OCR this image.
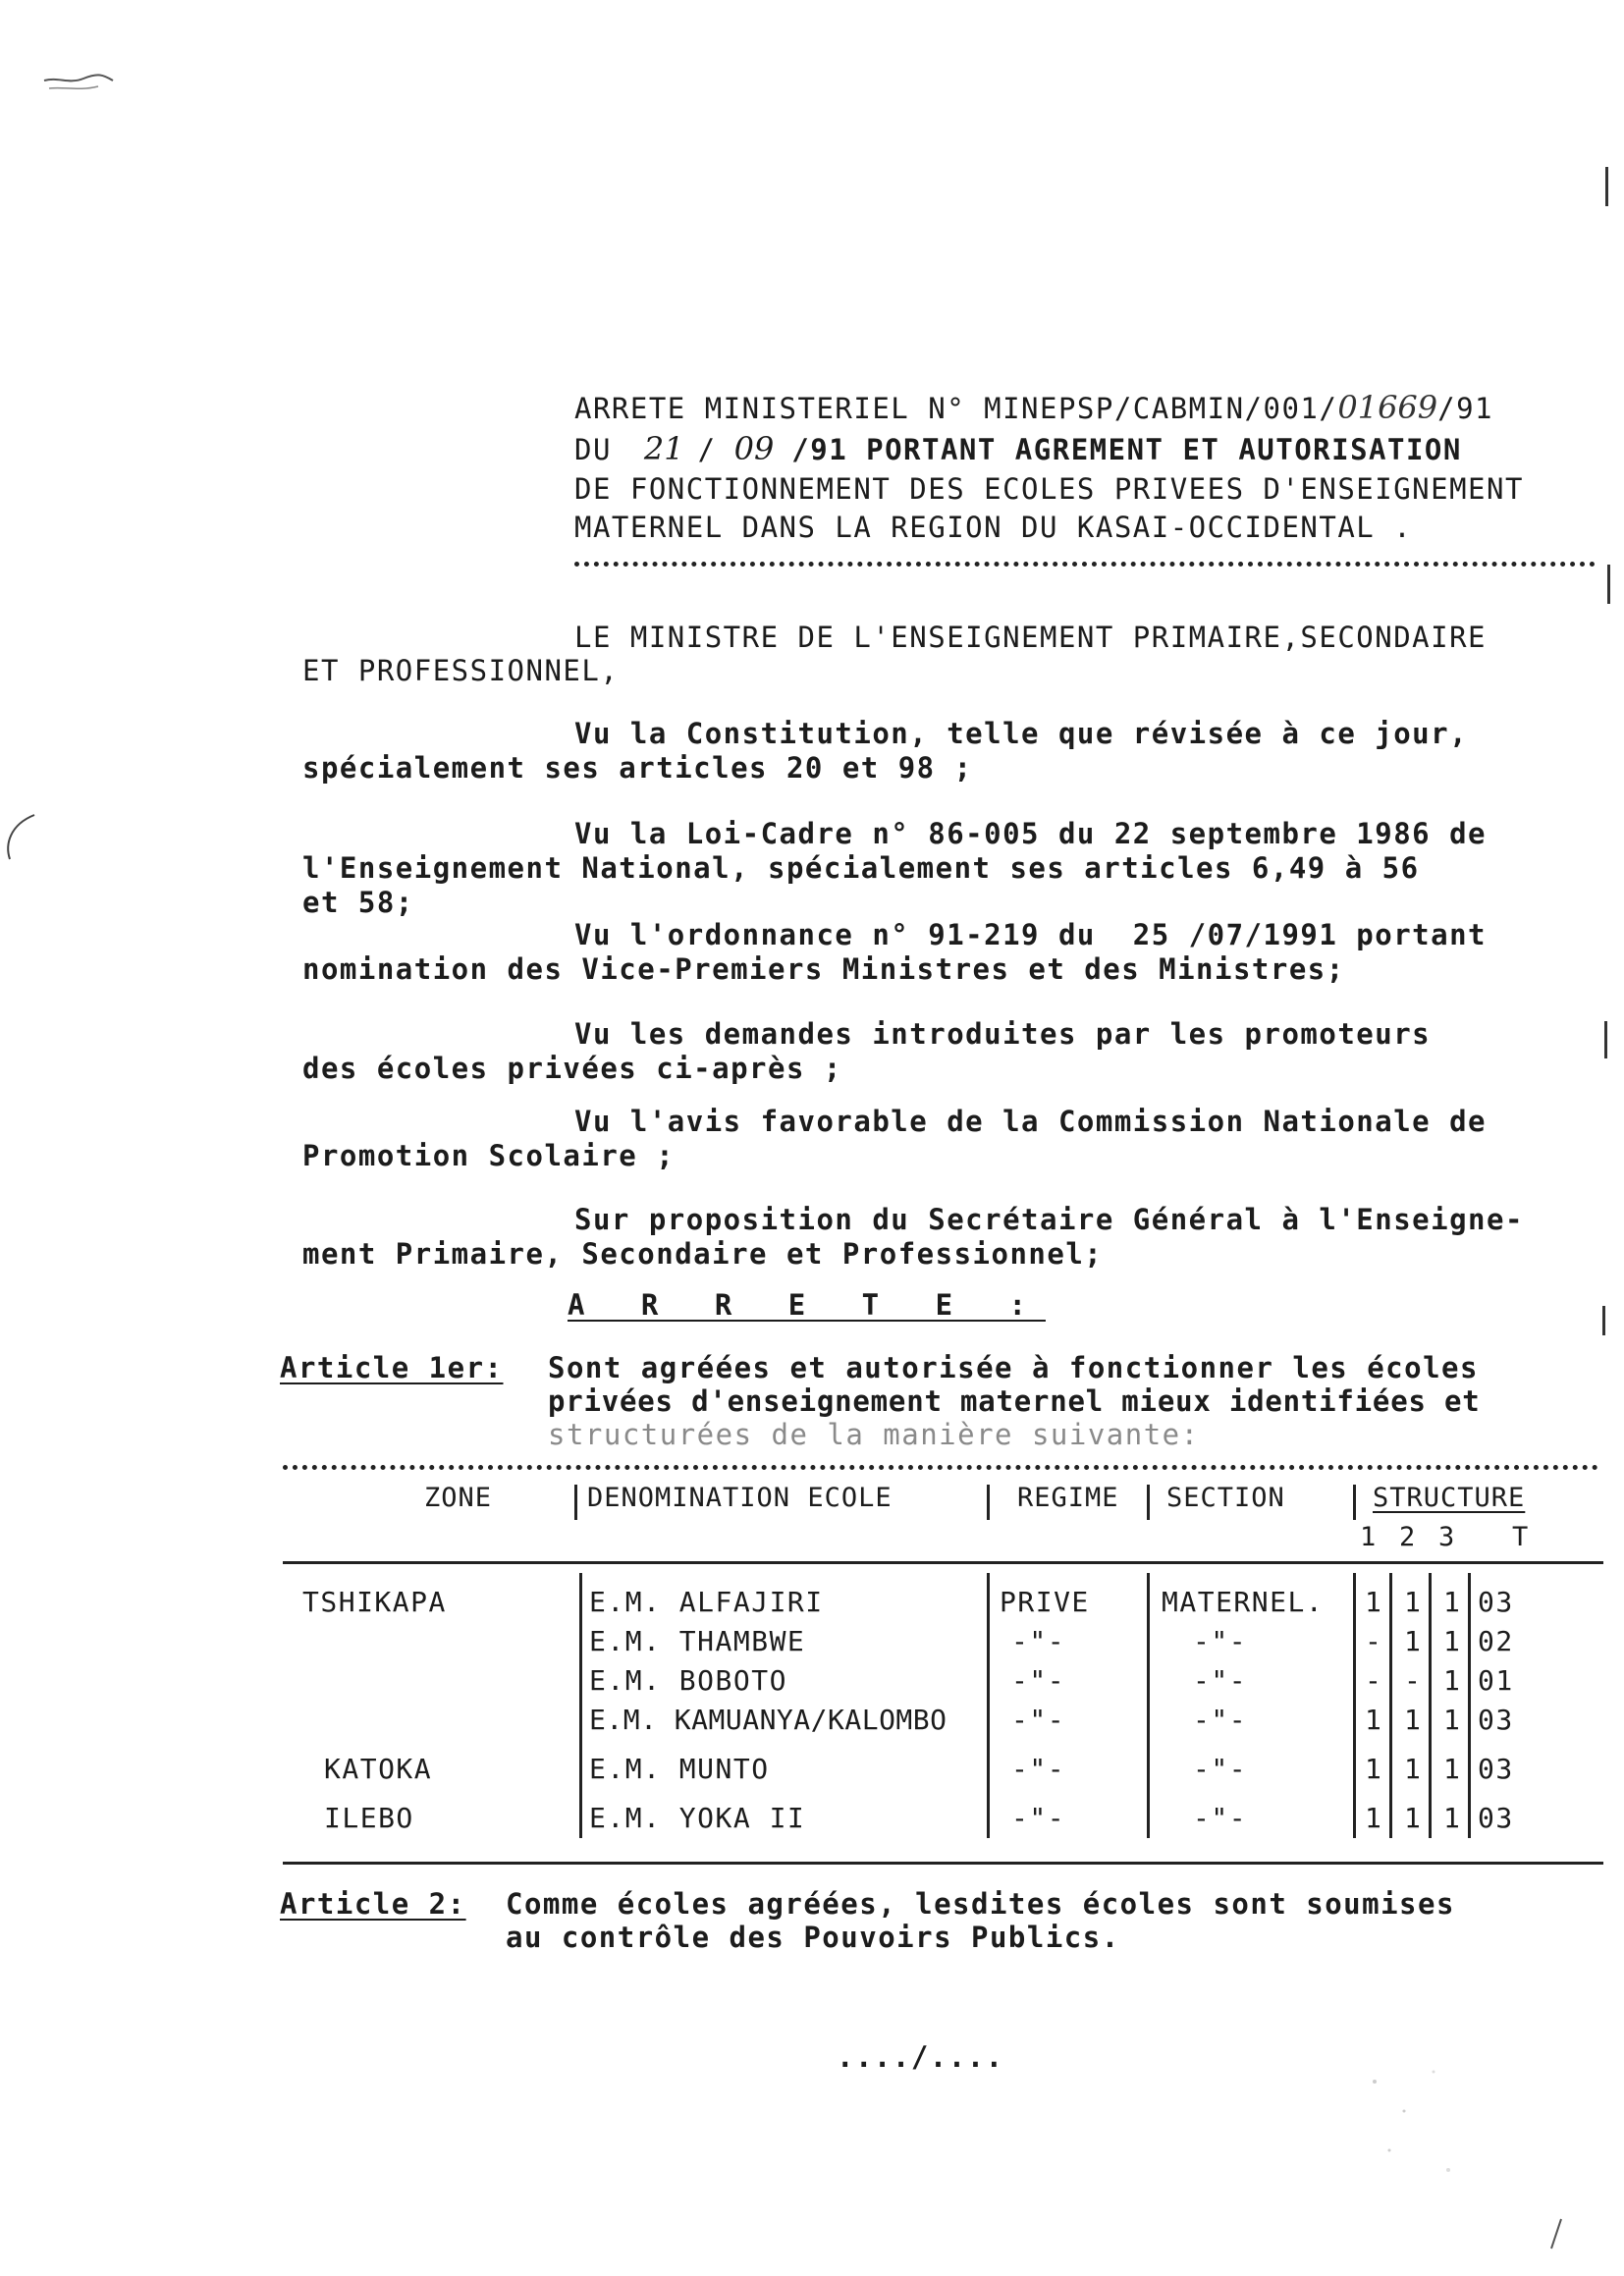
ARRETE MINISTERIEL N° MINEPSP/CABMIN/001/01669/91
DU 21 / 09 /91 PORTANT AGREMENT ET AUTORISATION
DE FONCTIONNEMENT DES ECOLES PRIVEES D'ENSEIGNEMENT
MATERNEL DANS LA REGION DU KASAI-OCCIDENTAL .
LE MINISTRE DE L'ENSEIGNEMENT PRIMAIRE,SECONDAIRE
ET PROFESSIONNEL,
Vu la Constitution, telle que révisée à ce jour,
spécialement ses articles 20 et 98 ;
Vu la Loi-Cadre n° 86-005 du 22 septembre 1986 de
l'Enseignement National, spécialement ses articles 6,49 à 56
et 58;
Vu l'ordonnance n° 91-219 du  25 /07/1991 portant
nomination des Vice-Premiers Ministres et des Ministres;
Vu les demandes introduites par les promoteurs
des écoles privées ci-après ;
Vu l'avis favorable de la Commission Nationale de
Promotion Scolaire ;
Sur proposition du Secrétaire Général à l'Enseigne-
ment Primaire, Secondaire et Professionnel;
A R R E T E :
Article 1er: Sont agréées et autorisée à fonctionner les écoles
privées d'enseignement maternel mieux identifiées et
structurées de la manière suivante:
ZONE	DENOMINATION ECOLE	REGIME SECTION	STRUCTURE
1 2 3 T
TSHIKAPA	E.M. ALFAJIRI	PRIVE	MATERNEL. 1 1 1 03
E.M. THAMBWE	-"-	-"-	- 1 1 02
E.M. BOBOTO	-"-	-"-	- - 1 01
E.M. KAMUANYA/KALOMBO -"-	-"-	1 1 1 03
KATOKA	E.M. MUNTO	-"-	-"-	1 1 1 03
ILEBO	E.M. YOKA II	-"-	-"-	1 1 1 03
Article 2: Comme écoles agréées, lesdites écoles sont soumises
au contrôle des Pouvoirs Publics.
..../....
